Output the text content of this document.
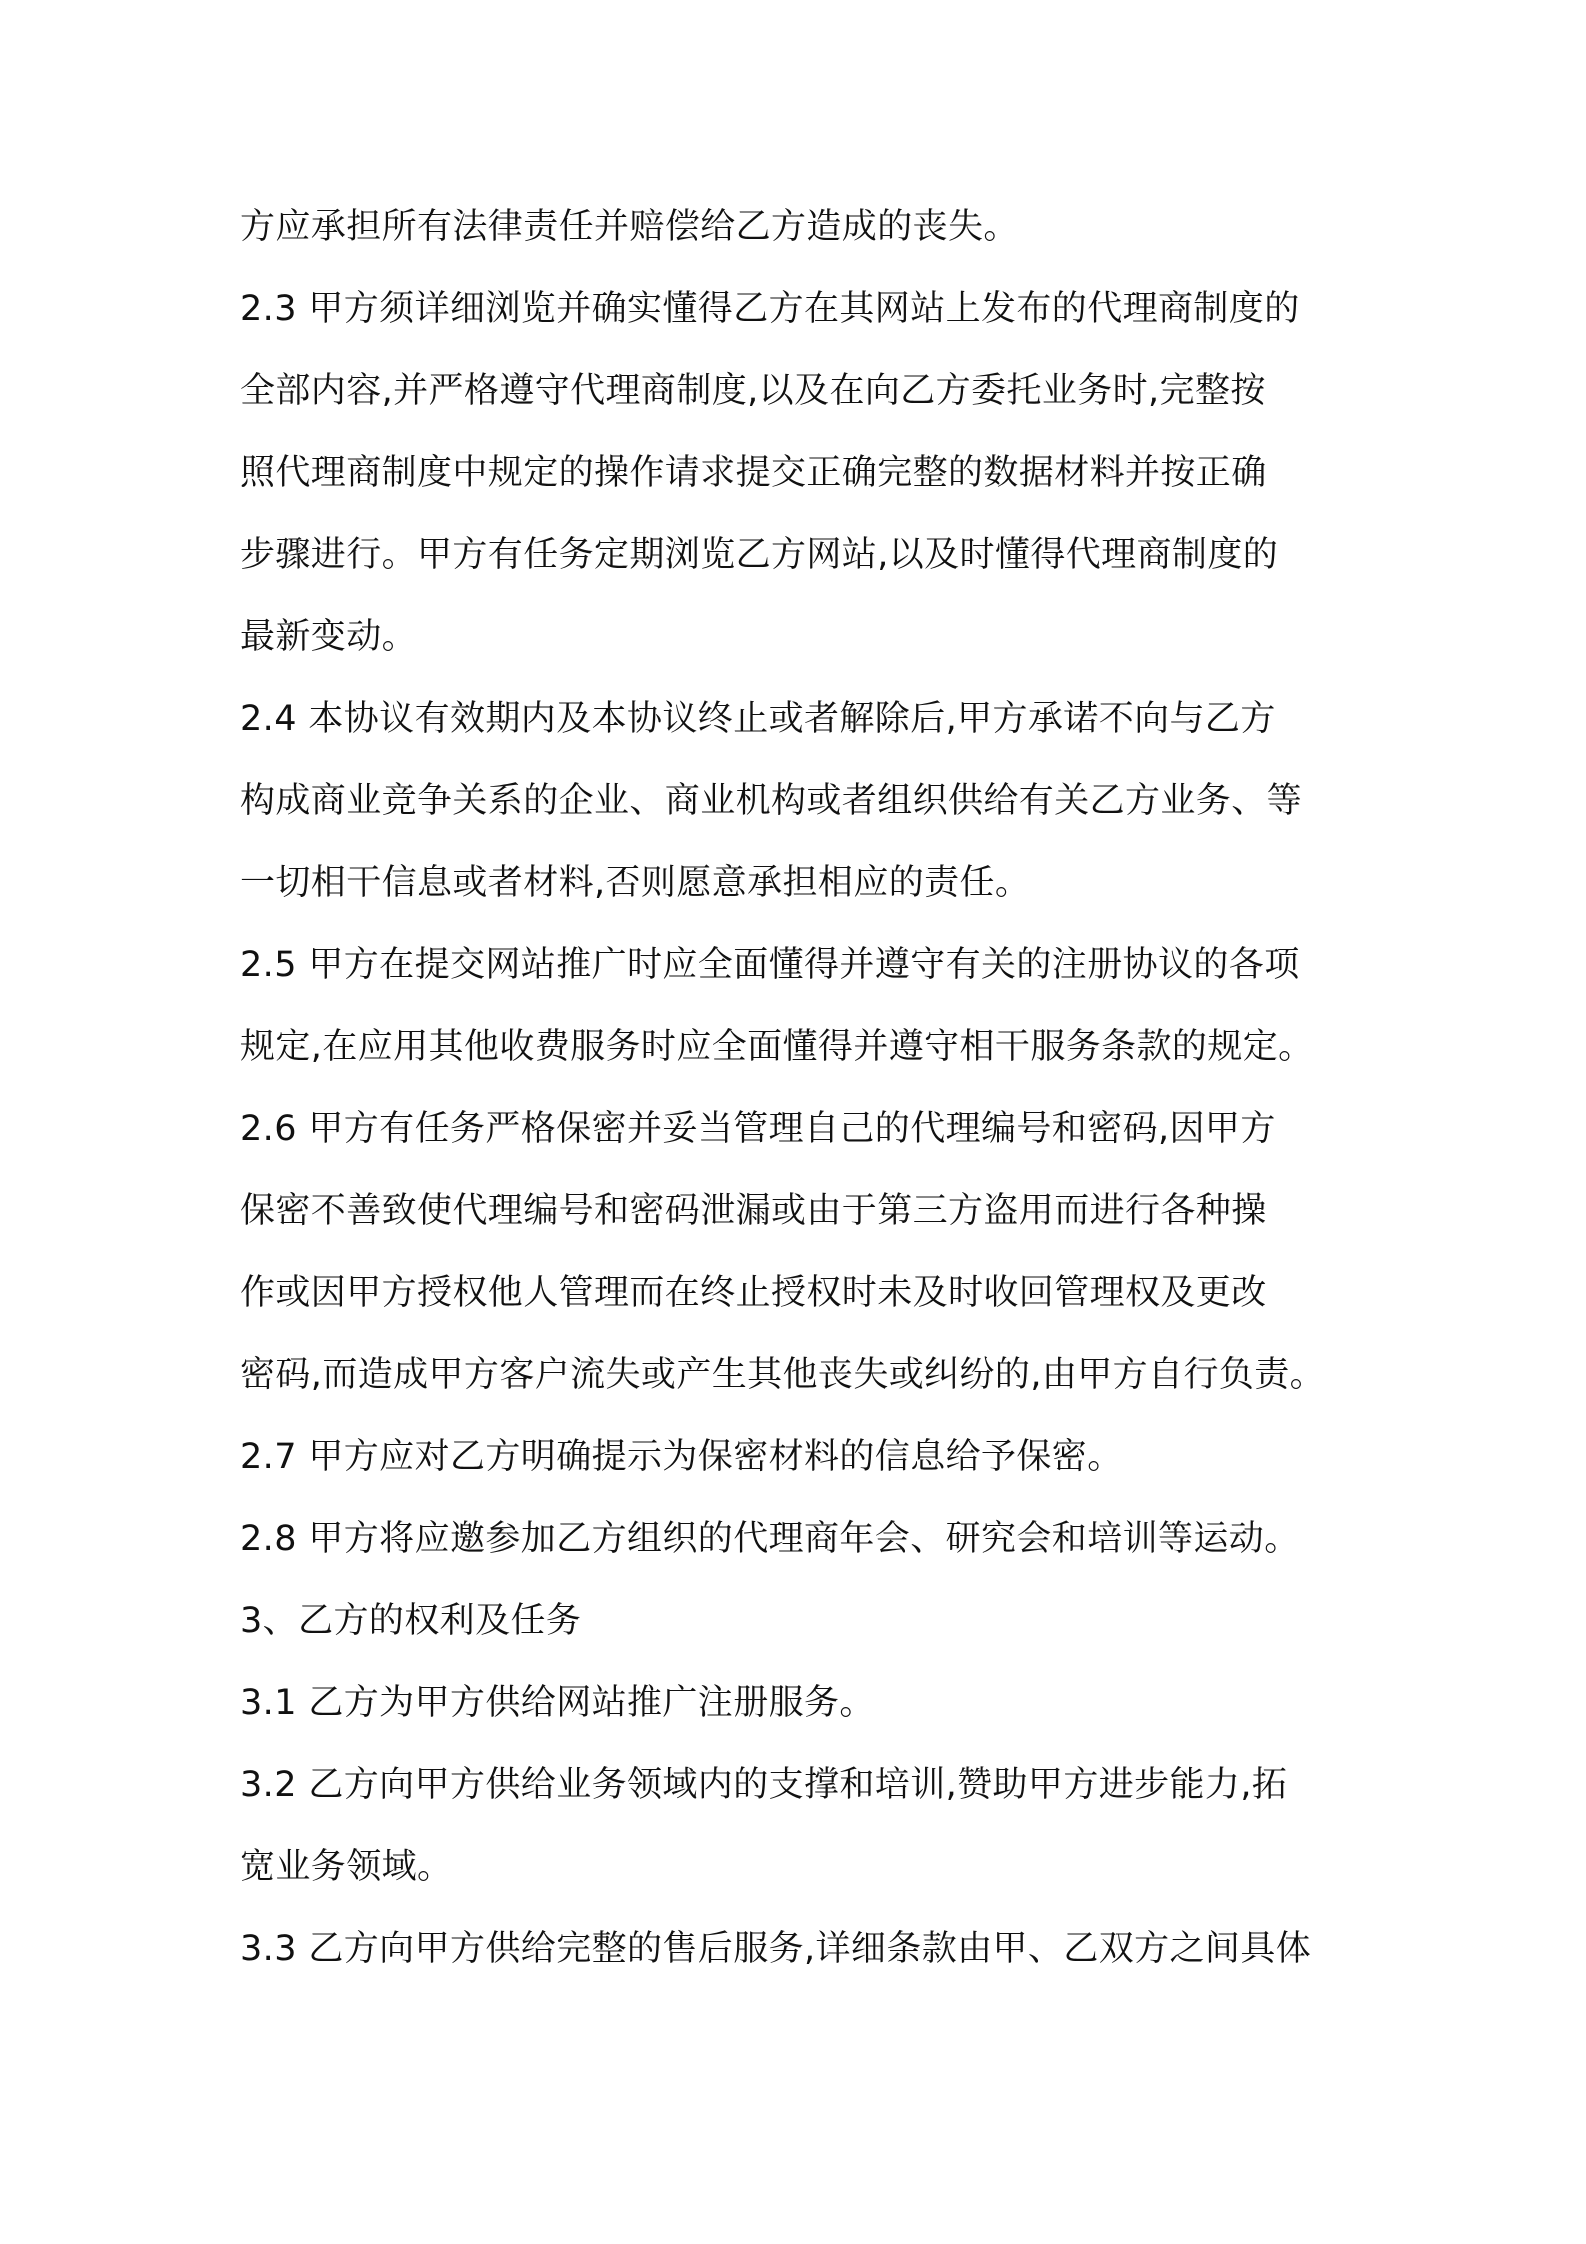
方应承担所有法律责任并赔偿给乙方造成的丧失。
2.3 甲方须详细浏览并确实懂得乙方在其网站上发布的代理商制度的
全部内容,并严格遵守代理商制度,以及在向乙方委托业务时,完整按
照代理商制度中规定的操作请求提交正确完整的数据材料并按正确
步骤进行。甲方有任务定期浏览乙方网站,以及时懂得代理商制度的
最新变动。
2.4 本协议有效期内及本协议终止或者解除后,甲方承诺不向与乙方
构成商业竞争关系的企业、商业机构或者组织供给有关乙方业务、等
一切相干信息或者材料,否则愿意承担相应的责任。
2.5 甲方在提交网站推广时应全面懂得并遵守有关的注册协议的各项
规定,在应用其他收费服务时应全面懂得并遵守相干服务条款的规定。
2.6 甲方有任务严格保密并妥当管理自己的代理编号和密码,因甲方
保密不善致使代理编号和密码泄漏或由于第三方盗用而进行各种操
作或因甲方授权他人管理而在终止授权时未及时收回管理权及更改
密码,而造成甲方客户流失或产生其他丧失或纠纷的,由甲方自行负责。
2.7 甲方应对乙方明确提示为保密材料的信息给予保密。
2.8 甲方将应邀参加乙方组织的代理商年会、研究会和培训等运动。
3、乙方的权利及任务
3.1 乙方为甲方供给网站推广注册服务。
3.2 乙方向甲方供给业务领域内的支撑和培训,赞助甲方进步能力,拓
宽业务领域。
3.3 乙方向甲方供给完整的售后服务,详细条款由甲、乙双方之间具体
